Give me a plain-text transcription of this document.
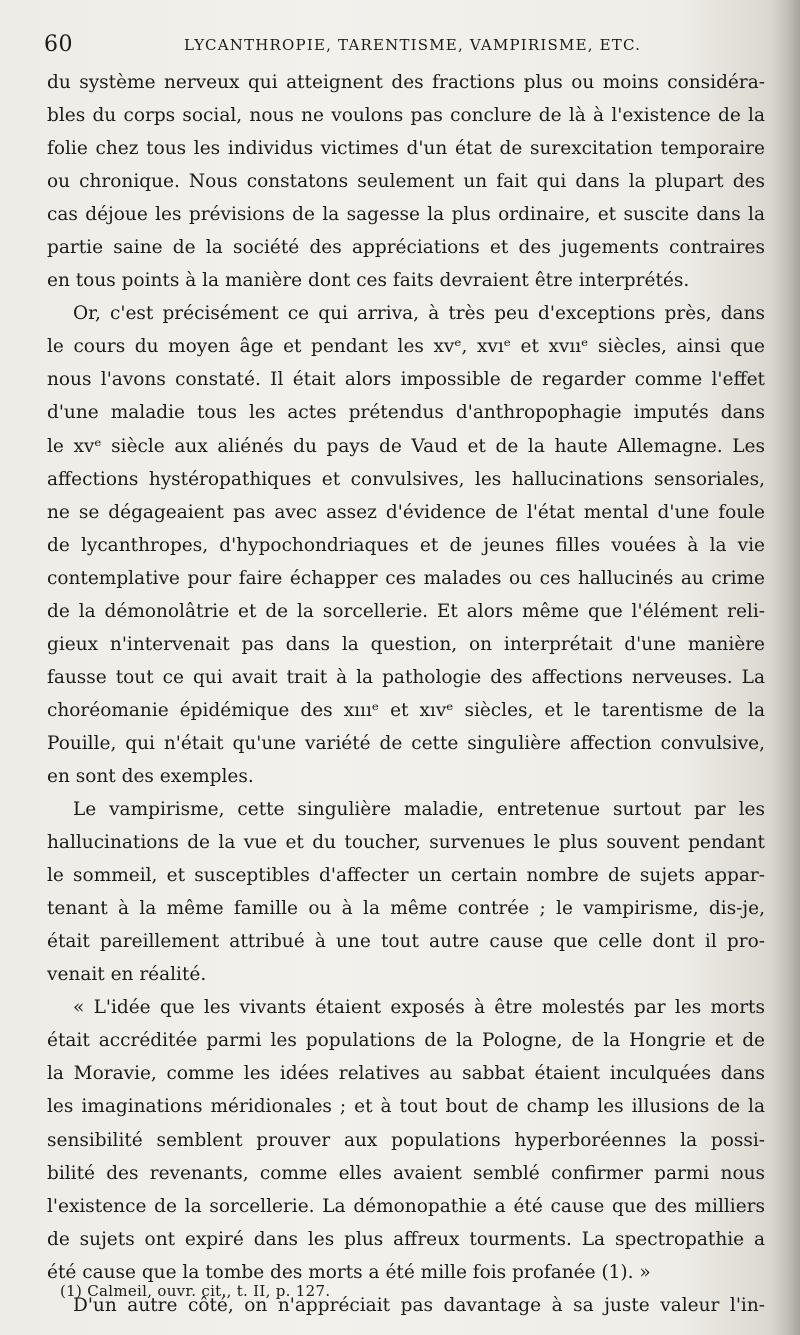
60	LYCANTHROPIE, TARENTISME, VAMPIRISME, ETC.
du système nerveux qui atteignent des fractions plus ou moins considéra-
bles du corps social, nous ne voulons pas conclure de là à l'existence de la
folie chez tous les individus victimes d'un état de surexcitation temporaire
ou chronique. Nous constatons seulement un fait qui dans la plupart des
cas déjoue les prévisions de la sagesse la plus ordinaire, et suscite dans la
partie saine de la société des appréciations et des jugements contraires
en tous points à la manière dont ces faits devraient être interprétés.
Or, c'est précisément ce qui arriva, à très peu d'exceptions près, dans
le cours du moyen âge et pendant les xvᵉ, xvıᵉ et xvııᵉ siècles, ainsi que
nous l'avons constaté. Il était alors impossible de regarder comme l'effet
d'une maladie tous les actes prétendus d'anthropophagie imputés dans
le xvᵉ siècle aux aliénés du pays de Vaud et de la haute Allemagne. Les
affections hystéropathiques et convulsives, les hallucinations sensoriales,
ne se dégageaient pas avec assez d'évidence de l'état mental d'une foule
de lycanthropes, d'hypochondriaques et de jeunes filles vouées à la vie
contemplative pour faire échapper ces malades ou ces hallucinés au crime
de la démonolâtrie et de la sorcellerie. Et alors même que l'élément reli-
gieux n'intervenait pas dans la question, on interprétait d'une manière
fausse tout ce qui avait trait à la pathologie des affections nerveuses. La
choréomanie épidémique des xıııᵉ et xıvᵉ siècles, et le tarentisme de la
Pouille, qui n'était qu'une variété de cette singulière affection convulsive,
en sont des exemples.
Le vampirisme, cette singulière maladie, entretenue surtout par les
hallucinations de la vue et du toucher, survenues le plus souvent pendant
le sommeil, et susceptibles d'affecter un certain nombre de sujets appar-
tenant à la même famille ou à la même contrée ; le vampirisme, dis-je,
était pareillement attribué à une tout autre cause que celle dont il pro-
venait en réalité.
« L'idée que les vivants étaient exposés à être molestés par les morts
était accréditée parmi les populations de la Pologne, de la Hongrie et de
la Moravie, comme les idées relatives au sabbat étaient inculquées dans
les imaginations méridionales ; et à tout bout de champ les illusions de la
sensibilité semblent prouver aux populations hyperboréennes la possi-
bilité des revenants, comme elles avaient semblé confirmer parmi nous
l'existence de la sorcellerie. La démonopathie a été cause que des milliers
de sujets ont expiré dans les plus affreux tourments. La spectropathie a
été cause que la tombe des morts a été mille fois profanée (1). »
D'un autre côté, on n'appréciait pas davantage à sa juste valeur l'in-
(1) Calmeil, ouvr. cit., t. II, p. 127.
